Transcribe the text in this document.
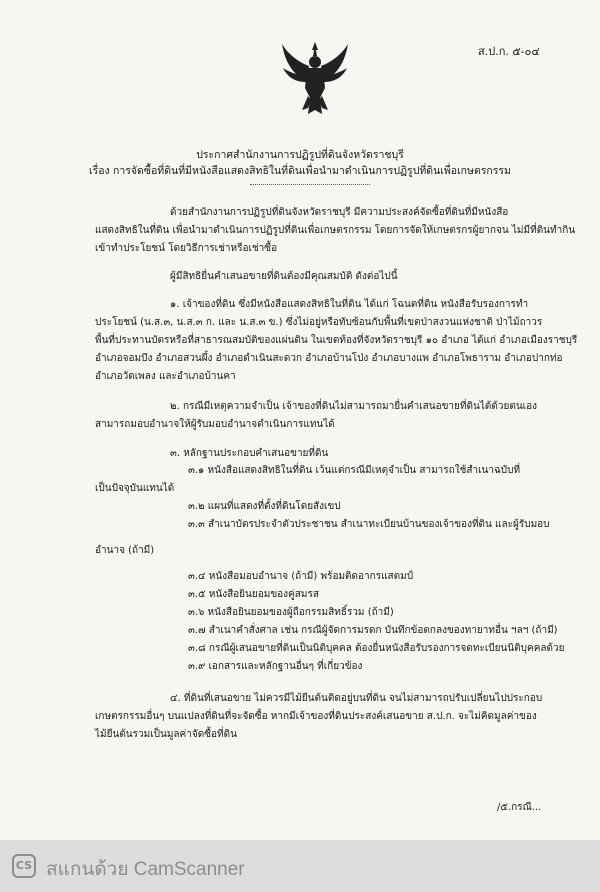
ส.ป.ก. ๕-๐๔
ประกาศสำนักงานการปฏิรูปที่ดินจังหวัดราชบุรี
เรื่อง การจัดซื้อที่ดินที่มีหนังสือแสดงสิทธิในที่ดินเพื่อนำมาดำเนินการปฏิรูปที่ดินเพื่อเกษตรกรรม
ด้วยสำนักงานการปฏิรูปที่ดินจังหวัดราชบุรี มีความประสงค์จัดซื้อที่ดินที่มีหนังสือ
แสดงสิทธิในที่ดิน เพื่อนำมาดำเนินการปฏิรูปที่ดินเพื่อเกษตรกรรม โดยการจัดให้เกษตรกรผู้ยากจน ไม่มีที่ดินทำกิน
เข้าทำประโยชน์ โดยวิธีการเช่าหรือเช่าซื้อ
ผู้มีสิทธิยื่นคำเสนอขายที่ดินต้องมีคุณสมบัติ ดังต่อไปนี้
๑. เจ้าของที่ดิน ซึ่งมีหนังสือแสดงสิทธิในที่ดิน ได้แก่ โฉนดที่ดิน หนังสือรับรองการทำ
ประโยชน์ (น.ส.๓, น.ส.๓ ก. และ น.ส.๓ ข.) ซึ่งไม่อยู่หรือทับซ้อนกับพื้นที่เขตป่าสงวนแห่งชาติ ป่าไม้ถาวร
พื้นที่ประทานบัตรหรือที่สาธารณสมบัติของแผ่นดิน ในเขตท้องที่จังหวัดราชบุรี ๑๐ อำเภอ ได้แก่ อำเภอเมืองราชบุรี
อำเภอจอมบึง อำเภอสวนผึ้ง อำเภอดำเนินสะดวก อำเภอบ้านโป่ง อำเภอบางแพ อำเภอโพธาราม อำเภอปากท่อ
อำเภอวัดเพลง และอำเภอบ้านคา
๒. กรณีมีเหตุความจำเป็น เจ้าของที่ดินไม่สามารถมายื่นคำเสนอขายที่ดินได้ด้วยตนเอง
สามารถมอบอำนาจให้ผู้รับมอบอำนาจดำเนินการแทนได้
๓. หลักฐานประกอบคำเสนอขายที่ดิน
๓.๑ หนังสือแสดงสิทธิในที่ดิน เว้นแต่กรณีมีเหตุจำเป็น สามารถใช้สำเนาฉบับที่
เป็นปัจจุบันแทนได้
๓.๒ แผนที่แสดงที่ตั้งที่ดินโดยสังเขป
๓.๓ สำเนาบัตรประจำตัวประชาชน สำเนาทะเบียนบ้านของเจ้าของที่ดิน และผู้รับมอบ
อำนาจ (ถ้ามี)
๓.๔ หนังสือมอบอำนาจ (ถ้ามี) พร้อมติดอากรแสตมป์
๓.๕ หนังสือยินยอมของคู่สมรส
๓.๖ หนังสือยินยอมของผู้ถือกรรมสิทธิ์รวม (ถ้ามี)
๓.๗ สำเนาคำสั่งศาล เช่น กรณีผู้จัดการมรดก บันทึกข้อตกลงของทายาทอื่น ฯลฯ (ถ้ามี)
๓.๘ กรณีผู้เสนอขายที่ดินเป็นนิติบุคคล ต้องยื่นหนังสือรับรองการจดทะเบียนนิติบุคคลด้วย
๓.๙ เอกสารและหลักฐานอื่นๆ ที่เกี่ยวข้อง
๔. ที่ดินที่เสนอขาย ไม่ควรมีไม้ยืนต้นติดอยู่บนที่ดิน จนไม่สามารถปรับเปลี่ยนไปประกอบ
เกษตรกรรมอื่นๆ บนแปลงที่ดินที่จะจัดซื้อ หากมีเจ้าของที่ดินประสงค์เสนอขาย ส.ป.ก. จะไม่คิดมูลค่าของ
ไม้ยืนต้นรวมเป็นมูลค่าจัดซื้อที่ดิน
/๕.กรณี...
CS สแกนด้วย CamScanner
